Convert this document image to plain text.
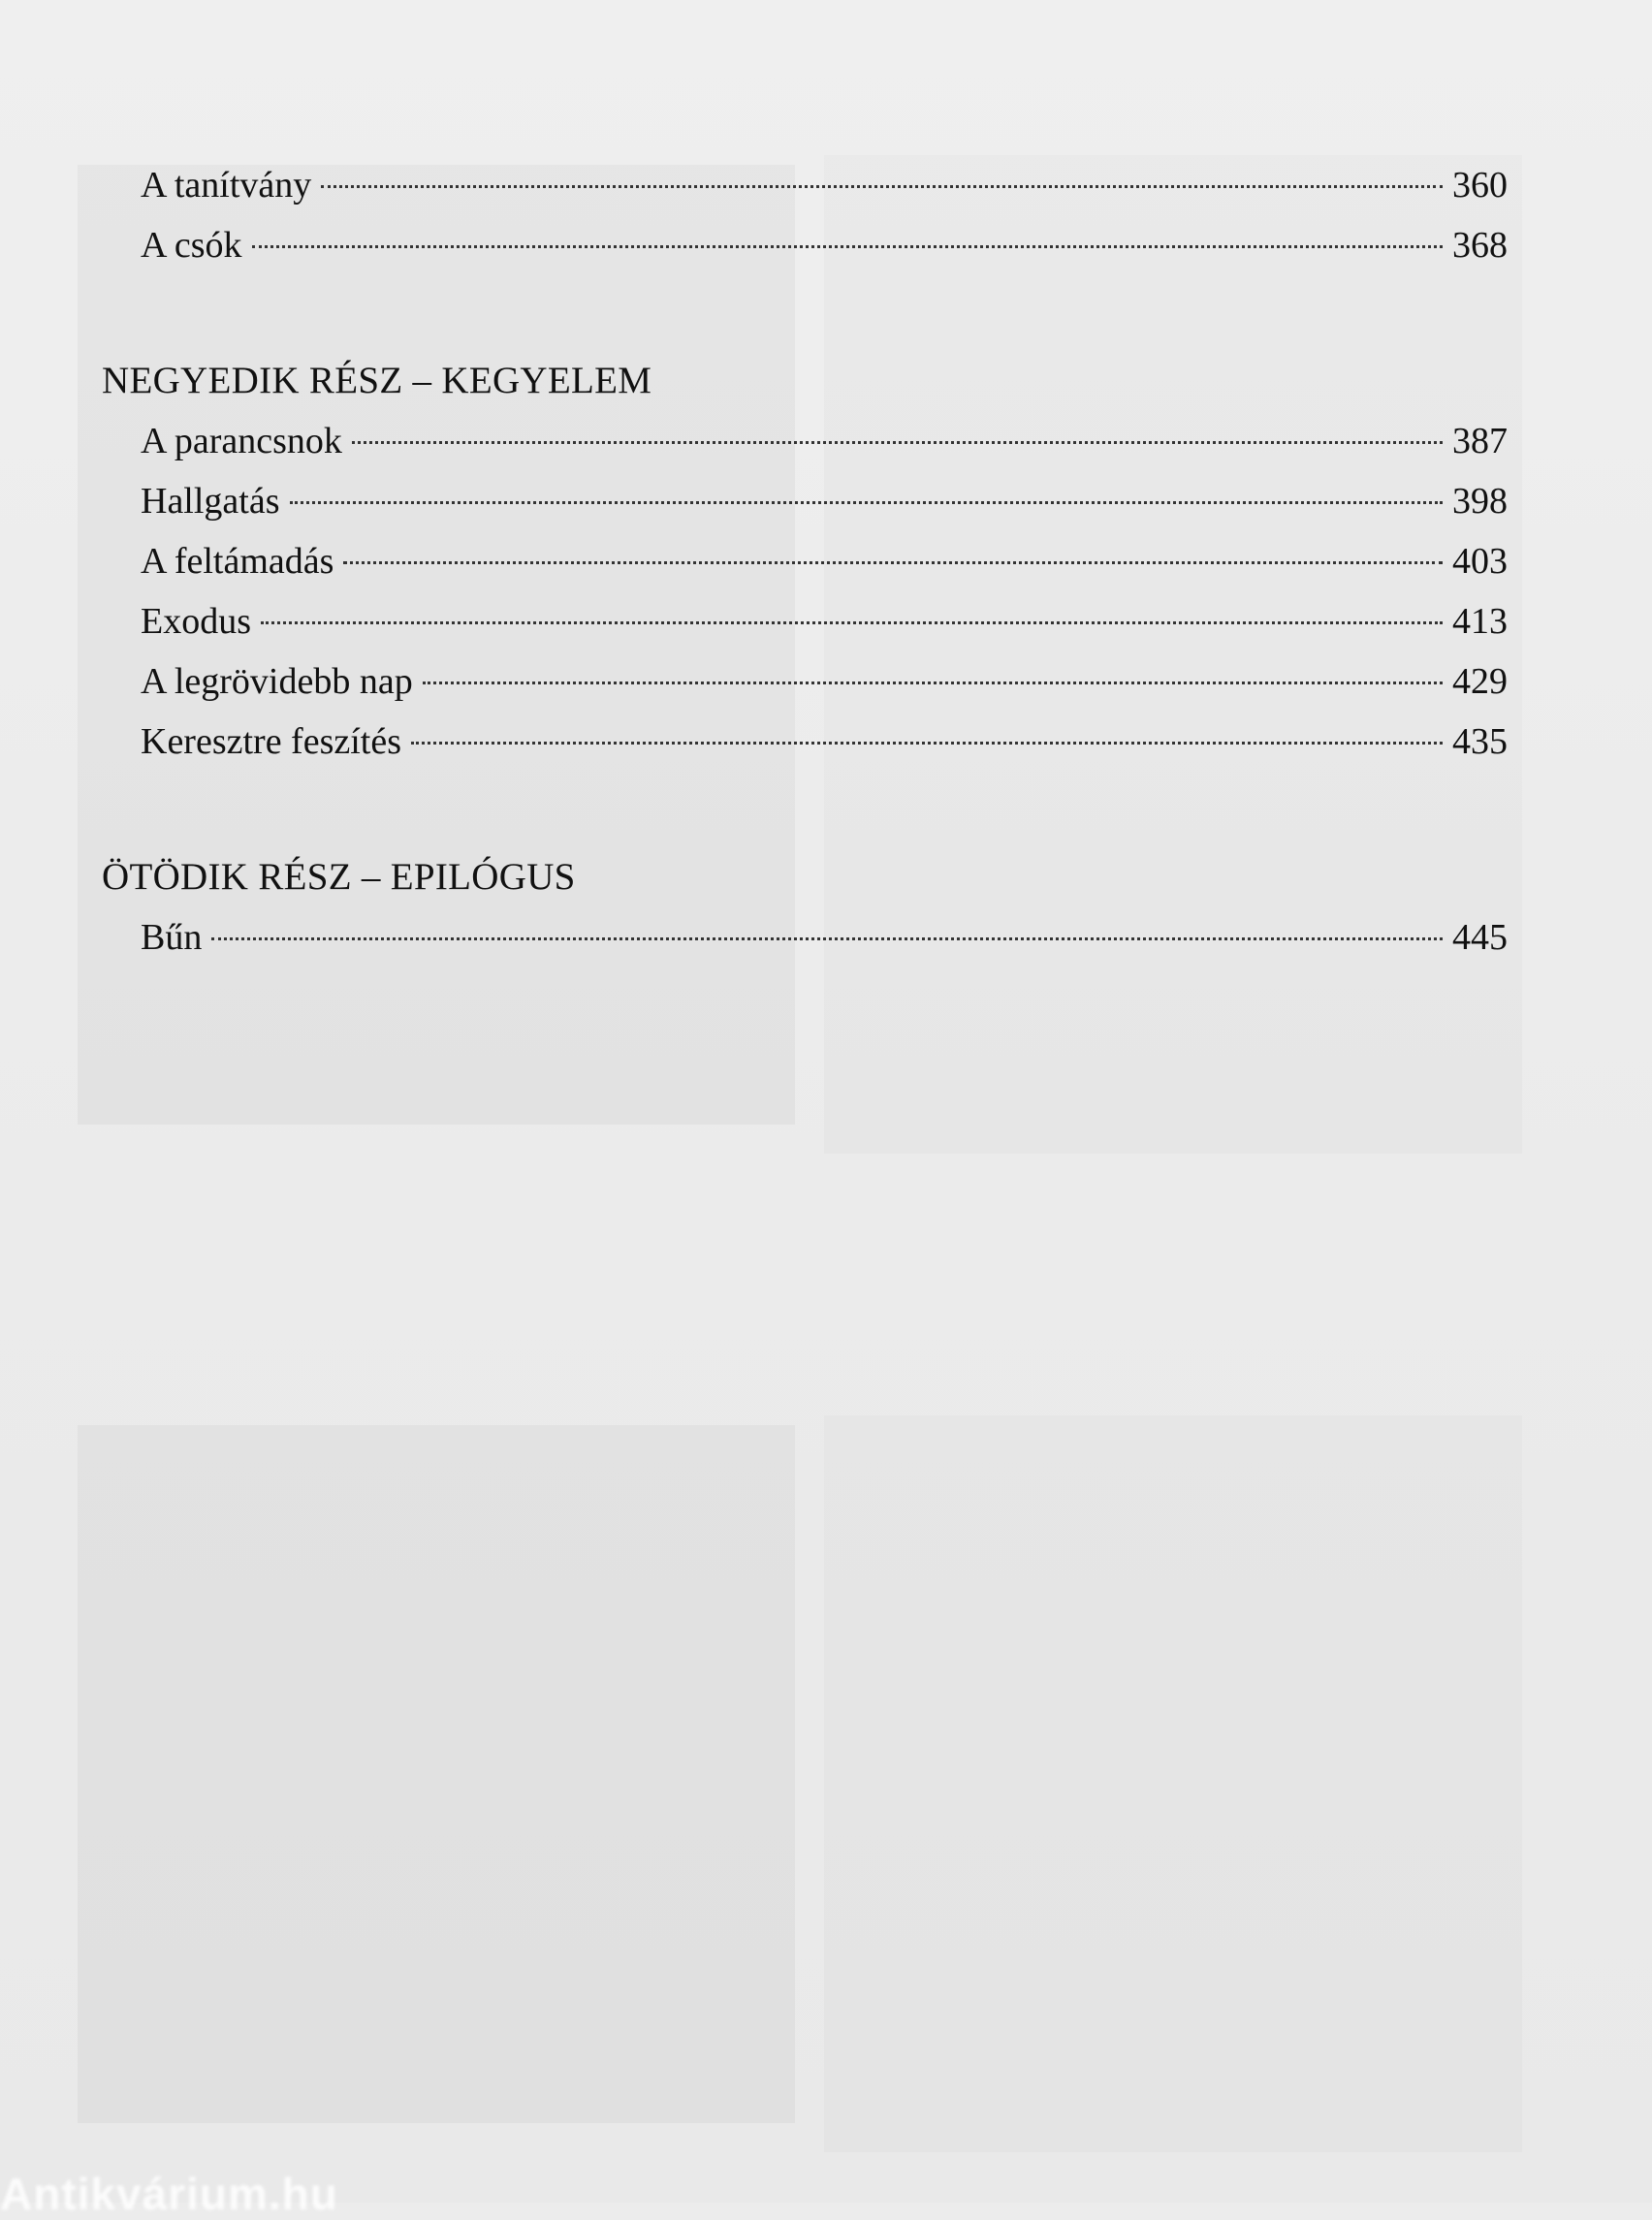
A tanítvány	360
A csók	368
NEGYEDIK RÉSZ – KEGYELEM
A parancsnok	387
Hallgatás	398
A feltámadás	403
Exodus	413
A legrövidebb nap	429
Keresztre feszítés	435
ÖTÖDIK RÉSZ – EPILÓGUS
Bűn	445
Antikvárium.hu
